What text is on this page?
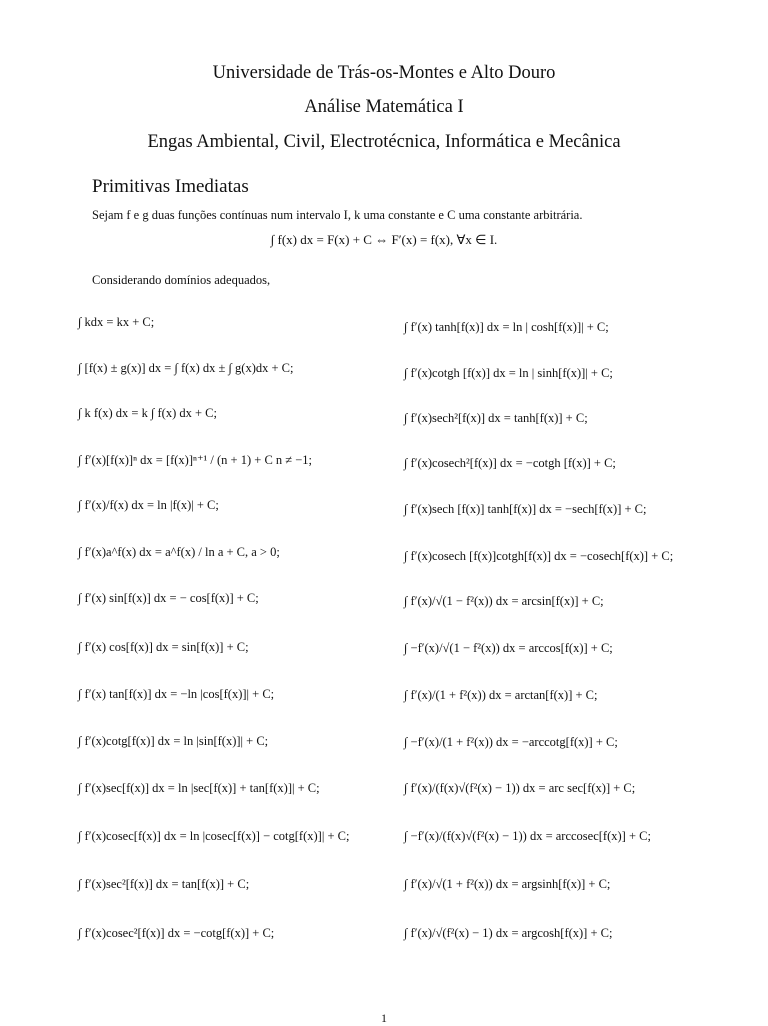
Universidade de Trás-os-Montes e Alto Douro
Análise Matemática I
Engas Ambiental, Civil, Electrotécnica, Informática e Mecânica
Primitivas Imediatas
Sejam f e g duas funções contínuas num intervalo I, k uma constante e C uma constante arbitrária.
∫ f(x) dx = F(x) + C ⇔ F′(x) = f(x), ∀x ∈ I.
Considerando domínios adequados,
∫ kdx = kx + C;
∫ [f(x) ± g(x)] dx = ∫ f(x) dx ± ∫ g(x)dx + C;
∫ k f(x) dx = k ∫ f(x) dx + C;
∫ f′(x)[f(x)]ⁿ dx = [f(x)]ⁿ⁺¹ / (n + 1) + C n ≠ −1;
∫ f′(x)/f(x) dx = ln |f(x)| + C;
∫ f′(x)a^f(x) dx = a^f(x) / ln a + C, a > 0;
∫ f′(x) sin[f(x)] dx = − cos[f(x)] + C;
∫ f′(x) cos[f(x)] dx = sin[f(x)] + C;
∫ f′(x) tan[f(x)] dx = −ln |cos[f(x)]| + C;
∫ f′(x)cotg[f(x)] dx = ln |sin[f(x)]| + C;
∫ f′(x)sec[f(x)] dx = ln |sec[f(x)] + tan[f(x)]| + C;
∫ f′(x)cosec[f(x)] dx = ln |cosec[f(x)] − cotg[f(x)]| + C;
∫ f′(x)sec²[f(x)] dx = tan[f(x)] + C;
∫ f′(x)cosec²[f(x)] dx = −cotg[f(x)] + C;
∫ f′(x) tanh[f(x)] dx = ln | cosh[f(x)]| + C;
∫ f′(x)cotgh [f(x)] dx = ln | sinh[f(x)]| + C;
∫ f′(x)sech²[f(x)] dx = tanh[f(x)] + C;
∫ f′(x)cosech²[f(x)] dx = −cotgh [f(x)] + C;
∫ f′(x)sech [f(x)] tanh[f(x)] dx = −sech[f(x)] + C;
∫ f′(x)cosech [f(x)]cotgh[f(x)] dx = −cosech[f(x)] + C;
∫ f′(x)/√(1 − f²(x)) dx = arcsin[f(x)] + C;
∫ −f′(x)/√(1 − f²(x)) dx = arccos[f(x)] + C;
∫ f′(x)/(1 + f²(x)) dx = arctan[f(x)] + C;
∫ −f′(x)/(1 + f²(x)) dx = −arccotg[f(x)] + C;
∫ f′(x)/(f(x)√(f²(x) − 1)) dx = arc sec[f(x)] + C;
∫ −f′(x)/(f(x)√(f²(x) − 1)) dx = arccosec[f(x)] + C;
∫ f′(x)/√(1 + f²(x)) dx = argsinh[f(x)] + C;
∫ f′(x)/√(f²(x) − 1) dx = argcosh[f(x)] + C;
1
